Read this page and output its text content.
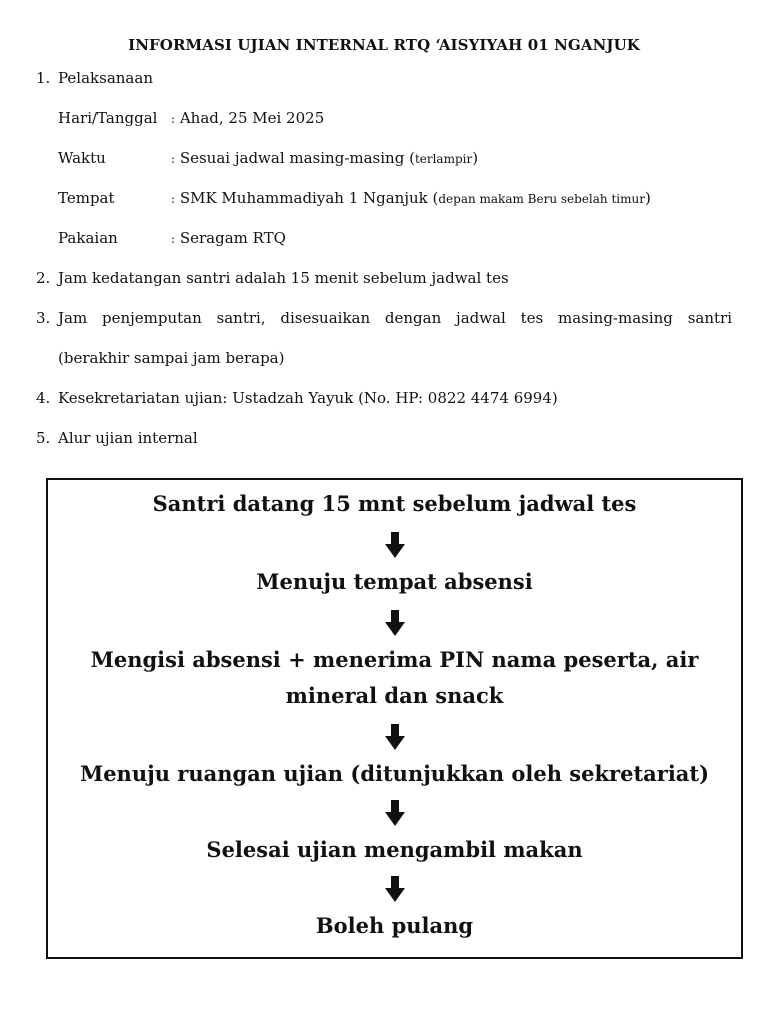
INFORMASI UJIAN INTERNAL RTQ ‘AISYIYAH 01 NGANJUK
1. Pelaksanaan
Hari/Tanggal : Ahad, 25 Mei 2025
Waktu	: Sesuai jadwal masing-masing (terlampir)
Tempat	: SMK Muhammadiyah 1 Nganjuk (depan makam Beru sebelah timur)
Pakaian	: Seragam RTQ
2. Jam kedatangan santri adalah 15 menit sebelum jadwal tes
3. Jam penjemputan santri, disesuaikan dengan jadwal tes masing-masing santri
(berakhir sampai jam berapa)
4. Kesekretariatan ujian: Ustadzah Yayuk (No. HP: 0822 4474 6994)
5. Alur ujian internal
Santri datang 15 mnt sebelum jadwal tes
Menuju tempat absensi
Mengisi absensi + menerima PIN nama peserta, air
mineral dan snack
Menuju ruangan ujian (ditunjukkan oleh sekretariat)
Selesai ujian mengambil makan
Boleh pulang
